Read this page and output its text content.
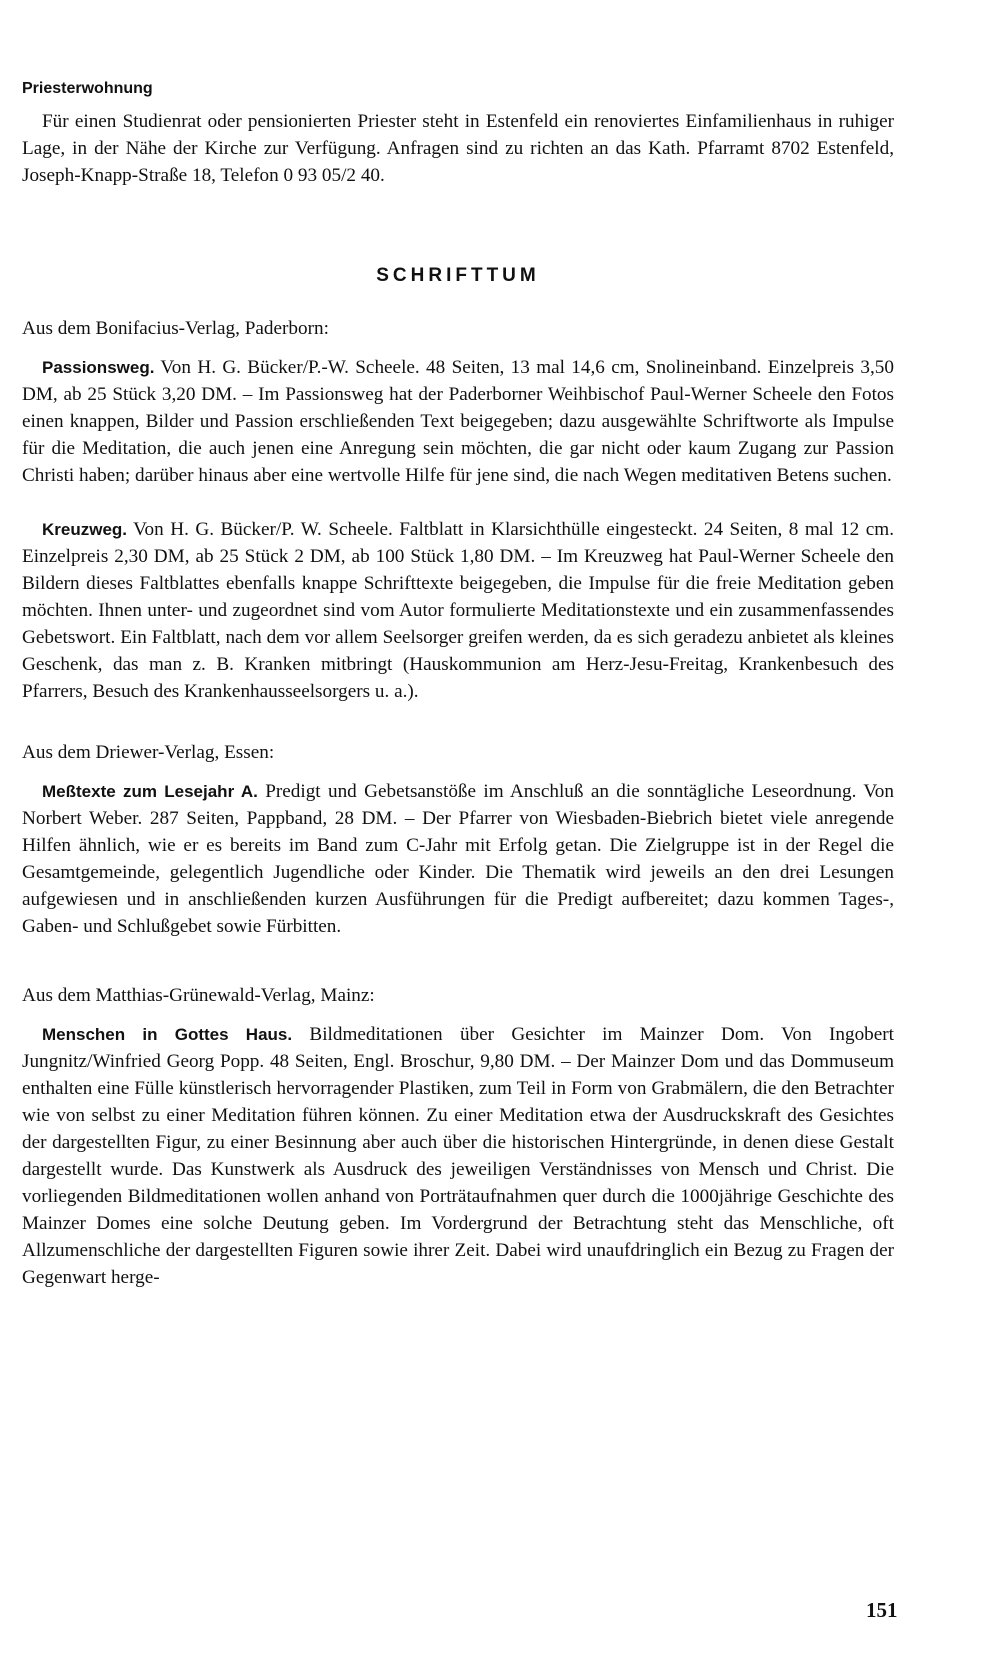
Priesterwohnung

Für einen Studienrat oder pensionierten Priester steht in Estenfeld ein renoviertes Einfamilienhaus in ruhiger Lage, in der Nähe der Kirche zur Verfügung. Anfragen sind zu richten an das Kath. Pfarramt 8702 Estenfeld, Joseph-Knapp-Straße 18, Telefon 0 93 05/2 40.

SCHRIFTTUM

Aus dem Bonifacius-Verlag, Paderborn:

Passionsweg. Von H. G. Bücker/P.-W. Scheele. 48 Seiten, 13 mal 14,6 cm, Snolineinband. Einzelpreis 3,50 DM, ab 25 Stück 3,20 DM. – Im Passionsweg hat der Paderborner Weihbischof Paul-Werner Scheele den Fotos einen knappen, Bilder und Passion erschließenden Text beigegeben; dazu ausgewählte Schriftworte als Impulse für die Meditation, die auch jenen eine Anregung sein möchten, die gar nicht oder kaum Zugang zur Passion Christi haben; darüber hinaus aber eine wertvolle Hilfe für jene sind, die nach Wegen meditativen Betens suchen.

Kreuzweg. Von H. G. Bücker/P. W. Scheele. Faltblatt in Klarsichthülle eingesteckt. 24 Seiten, 8 mal 12 cm. Einzelpreis 2,30 DM, ab 25 Stück 2 DM, ab 100 Stück 1,80 DM. – Im Kreuzweg hat Paul-Werner Scheele den Bildern dieses Faltblattes ebenfalls knappe Schrifttexte beigegeben, die Impulse für die freie Meditation geben möchten. Ihnen unter- und zugeordnet sind vom Autor formulierte Meditationstexte und ein zusammenfassendes Gebetswort. Ein Faltblatt, nach dem vor allem Seelsorger greifen werden, da es sich geradezu anbietet als kleines Geschenk, das man z. B. Kranken mitbringt (Hauskommunion am Herz-Jesu-Freitag, Krankenbesuch des Pfarrers, Besuch des Krankenhausseelsorgers u. a.).

Aus dem Driewer-Verlag, Essen:

Meßtexte zum Lesejahr A. Predigt und Gebetsanstöße im Anschluß an die sonntägliche Leseordnung. Von Norbert Weber. 287 Seiten, Pappband, 28 DM. – Der Pfarrer von Wiesbaden-Biebrich bietet viele anregende Hilfen ähnlich, wie er es bereits im Band zum C-Jahr mit Erfolg getan. Die Zielgruppe ist in der Regel die Gesamtgemeinde, gelegentlich Jugendliche oder Kinder. Die Thematik wird jeweils an den drei Lesungen aufgewiesen und in anschließenden kurzen Ausführungen für die Predigt aufbereitet; dazu kommen Tages-, Gaben- und Schlußgebet sowie Fürbitten.

Aus dem Matthias-Grünewald-Verlag, Mainz:

Menschen in Gottes Haus. Bildmeditationen über Gesichter im Mainzer Dom. Von Ingobert Jungnitz/Winfried Georg Popp. 48 Seiten, Engl. Broschur, 9,80 DM. – Der Mainzer Dom und das Dommuseum enthalten eine Fülle künstlerisch hervorragender Plastiken, zum Teil in Form von Grabmälern, die den Betrachter wie von selbst zu einer Meditation führen können. Zu einer Meditation etwa der Ausdruckskraft des Gesichtes der dargestellten Figur, zu einer Besinnung aber auch über die historischen Hintergründe, in denen diese Gestalt dargestellt wurde. Das Kunstwerk als Ausdruck des jeweiligen Verständnisses von Mensch und Christ. Die vorliegenden Bildmeditationen wollen anhand von Porträtaufnahmen quer durch die 1000jährige Geschichte des Mainzer Domes eine solche Deutung geben. Im Vordergrund der Betrachtung steht das Menschliche, oft Allzumenschliche der dargestellten Figuren sowie ihrer Zeit. Dabei wird unaufdringlich ein Bezug zu Fragen der Gegenwart herge-

151
